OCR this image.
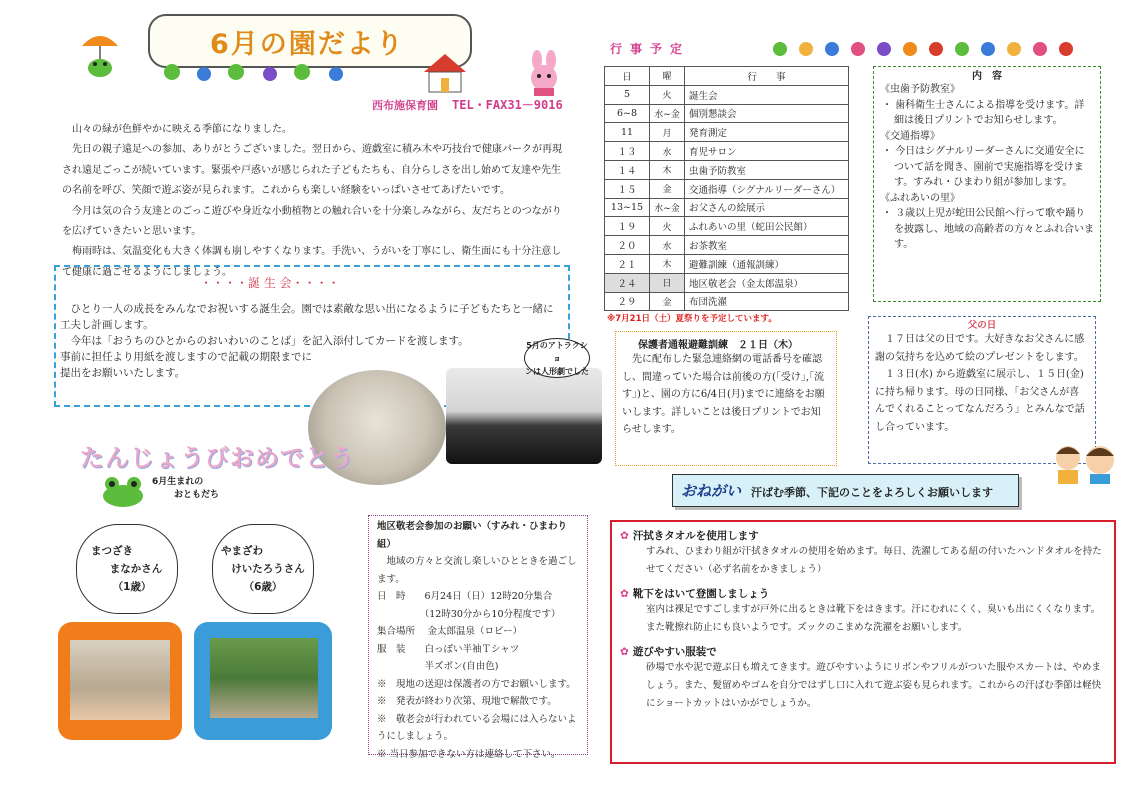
6月の園だより
西布施保育園 TEL・FAX31－9016

山々の緑が色鮮やかに映える季節になりました。

先日の親子遠足への参加、ありがとうございました。翌日から、遊戯室に積み木や巧技台で健康パークが再現され遠足ごっこが続いています。緊張や戸惑いが感じられた子どもたちも、自分らしさを出し始めて友達や先生の名前を呼び、笑顔で遊ぶ姿が見られます。これからも楽しい経験をいっぱいさせてあげたいです。

今月は気の合う友達とのごっこ遊びや身近な小動植物との触れ合いを十分楽しみながら、友だちとのつながりを広げていきたいと思います。

梅雨時は、気温変化も大きく体調も崩しやすくなります。手洗い、うがいを丁寧にし、衛生面にも十分注意して健康に過ごせるようにしましょう。

・・・・誕 生 会・・・・

ひとり一人の成長をみんなでお祝いする誕生会。園では素敵な思い出になるように子どもたちと一緒に工夫し計画します。

今年は「おうちのひとからのおいわいのことば」を記入添付してカードを渡します。

事前に担任より用紙を渡しますので記載の期限までに

提出をお願いいたします。

5月のアトラクショ
ンは人形劇でした
たんじょうびおめでとう
6月生まれの
おともだち
まつざき
まなかさん
（1歳）
やまざわ
けいたろうさん
（6歳）
地区敬老会参加のお願い（すみれ・ひまわり組）

　地域の方々と交流し楽しいひとときを過ごします。

日　時　　6月24日（日）12時20分集合

　　　　　（12時30分から10分程度です）

集合場所　 金太郎温泉（ロビー）

服　装　　白っぽい半袖Ｔシャツ

　　　　　半ズボン(自由色)

※　現地の送迎は保護者の方でお願いします。

※　発表が終わり次第、現地で解散です。

※　敬老会が行われている会場には入らないようにしましょう。

※ 当日参加できない方は連絡して下さい。

行事予定
日	曜	行　　事
5	火	誕生会
6~8	水~金	個別懇談会
11	月	発育測定
１３	水	育児サロン
１４	木	虫歯予防教室
１５	金	交通指導（シグナルリーダーさん）
13~15	水~金	お父さんの絵展示
１９	火	ふれあいの里（蛇田公民館）
２０	水	お茶教室
２１	木	避難訓練（通報訓練）
２４	日	地区敬老会（金太郎温泉）
２９	金	布団洗濯
※7月21日（土）夏祭りを予定しています。
内　容

《虫歯予防教室》

・ 歯科衛生士さんによる指導を受けます。詳細は後日プリントでお知らせします。

《交通指導》

・ 今日はシグナルリーダーさんに交通安全について話を聞き、園前で実施指導を受けます。すみれ・ひまわり組が参加します。

《ふれあいの里》

・ ３歳以上児が蛇田公民館へ行って歌や踊りを披露し、地域の高齢者の方々とふれ合います。

保護者通報避難訓練　２１日（木）

先に配布した緊急連絡網の電話番号を確認し、間違っていた場合は前後の方(｢受け｣,｢流す｣)と、園の方に6/4日(月)までに連絡をお願いします。詳しいことは後日プリントでお知らせします。

父の日

１７日は父の日です。大好きなお父さんに感謝の気持ちを込めて絵のプレゼントをします。

１３日(水) から遊戯室に展示し、１５日(金)に持ち帰ります。母の日同様、「お父さんが喜んでくれることってなんだろう」とみんなで話し合っています。

おねがい 汗ばむ季節、下記のことをよろしくお願いします
✿ 汗拭きタオルを使用します

すみれ、ひまわり組が汗拭きタオルの使用を始めます。毎日、洗濯してある紐の付いたハンドタオルを持たせてください（必ず名前をかきましょう）

✿ 靴下をはいて登園しましょう

室内は裸足ですごしますが戸外に出るときは靴下をはきます。汗にむれにくく、臭いも出にくくなります。また靴擦れ防止にも良いようです。ズックのこまめな洗濯をお願いします。

✿ 遊びやすい服装で

砂場で水や泥で遊ぶ日も増えてきます。遊びやすいようにリボンやフリルがついた服やスカートは、やめましょう。また、髪留めやゴムを自分ではずし口に入れて遊ぶ姿も見られます。これからの汗ばむ季節は軽快にショートカットはいかがでしょうか。
